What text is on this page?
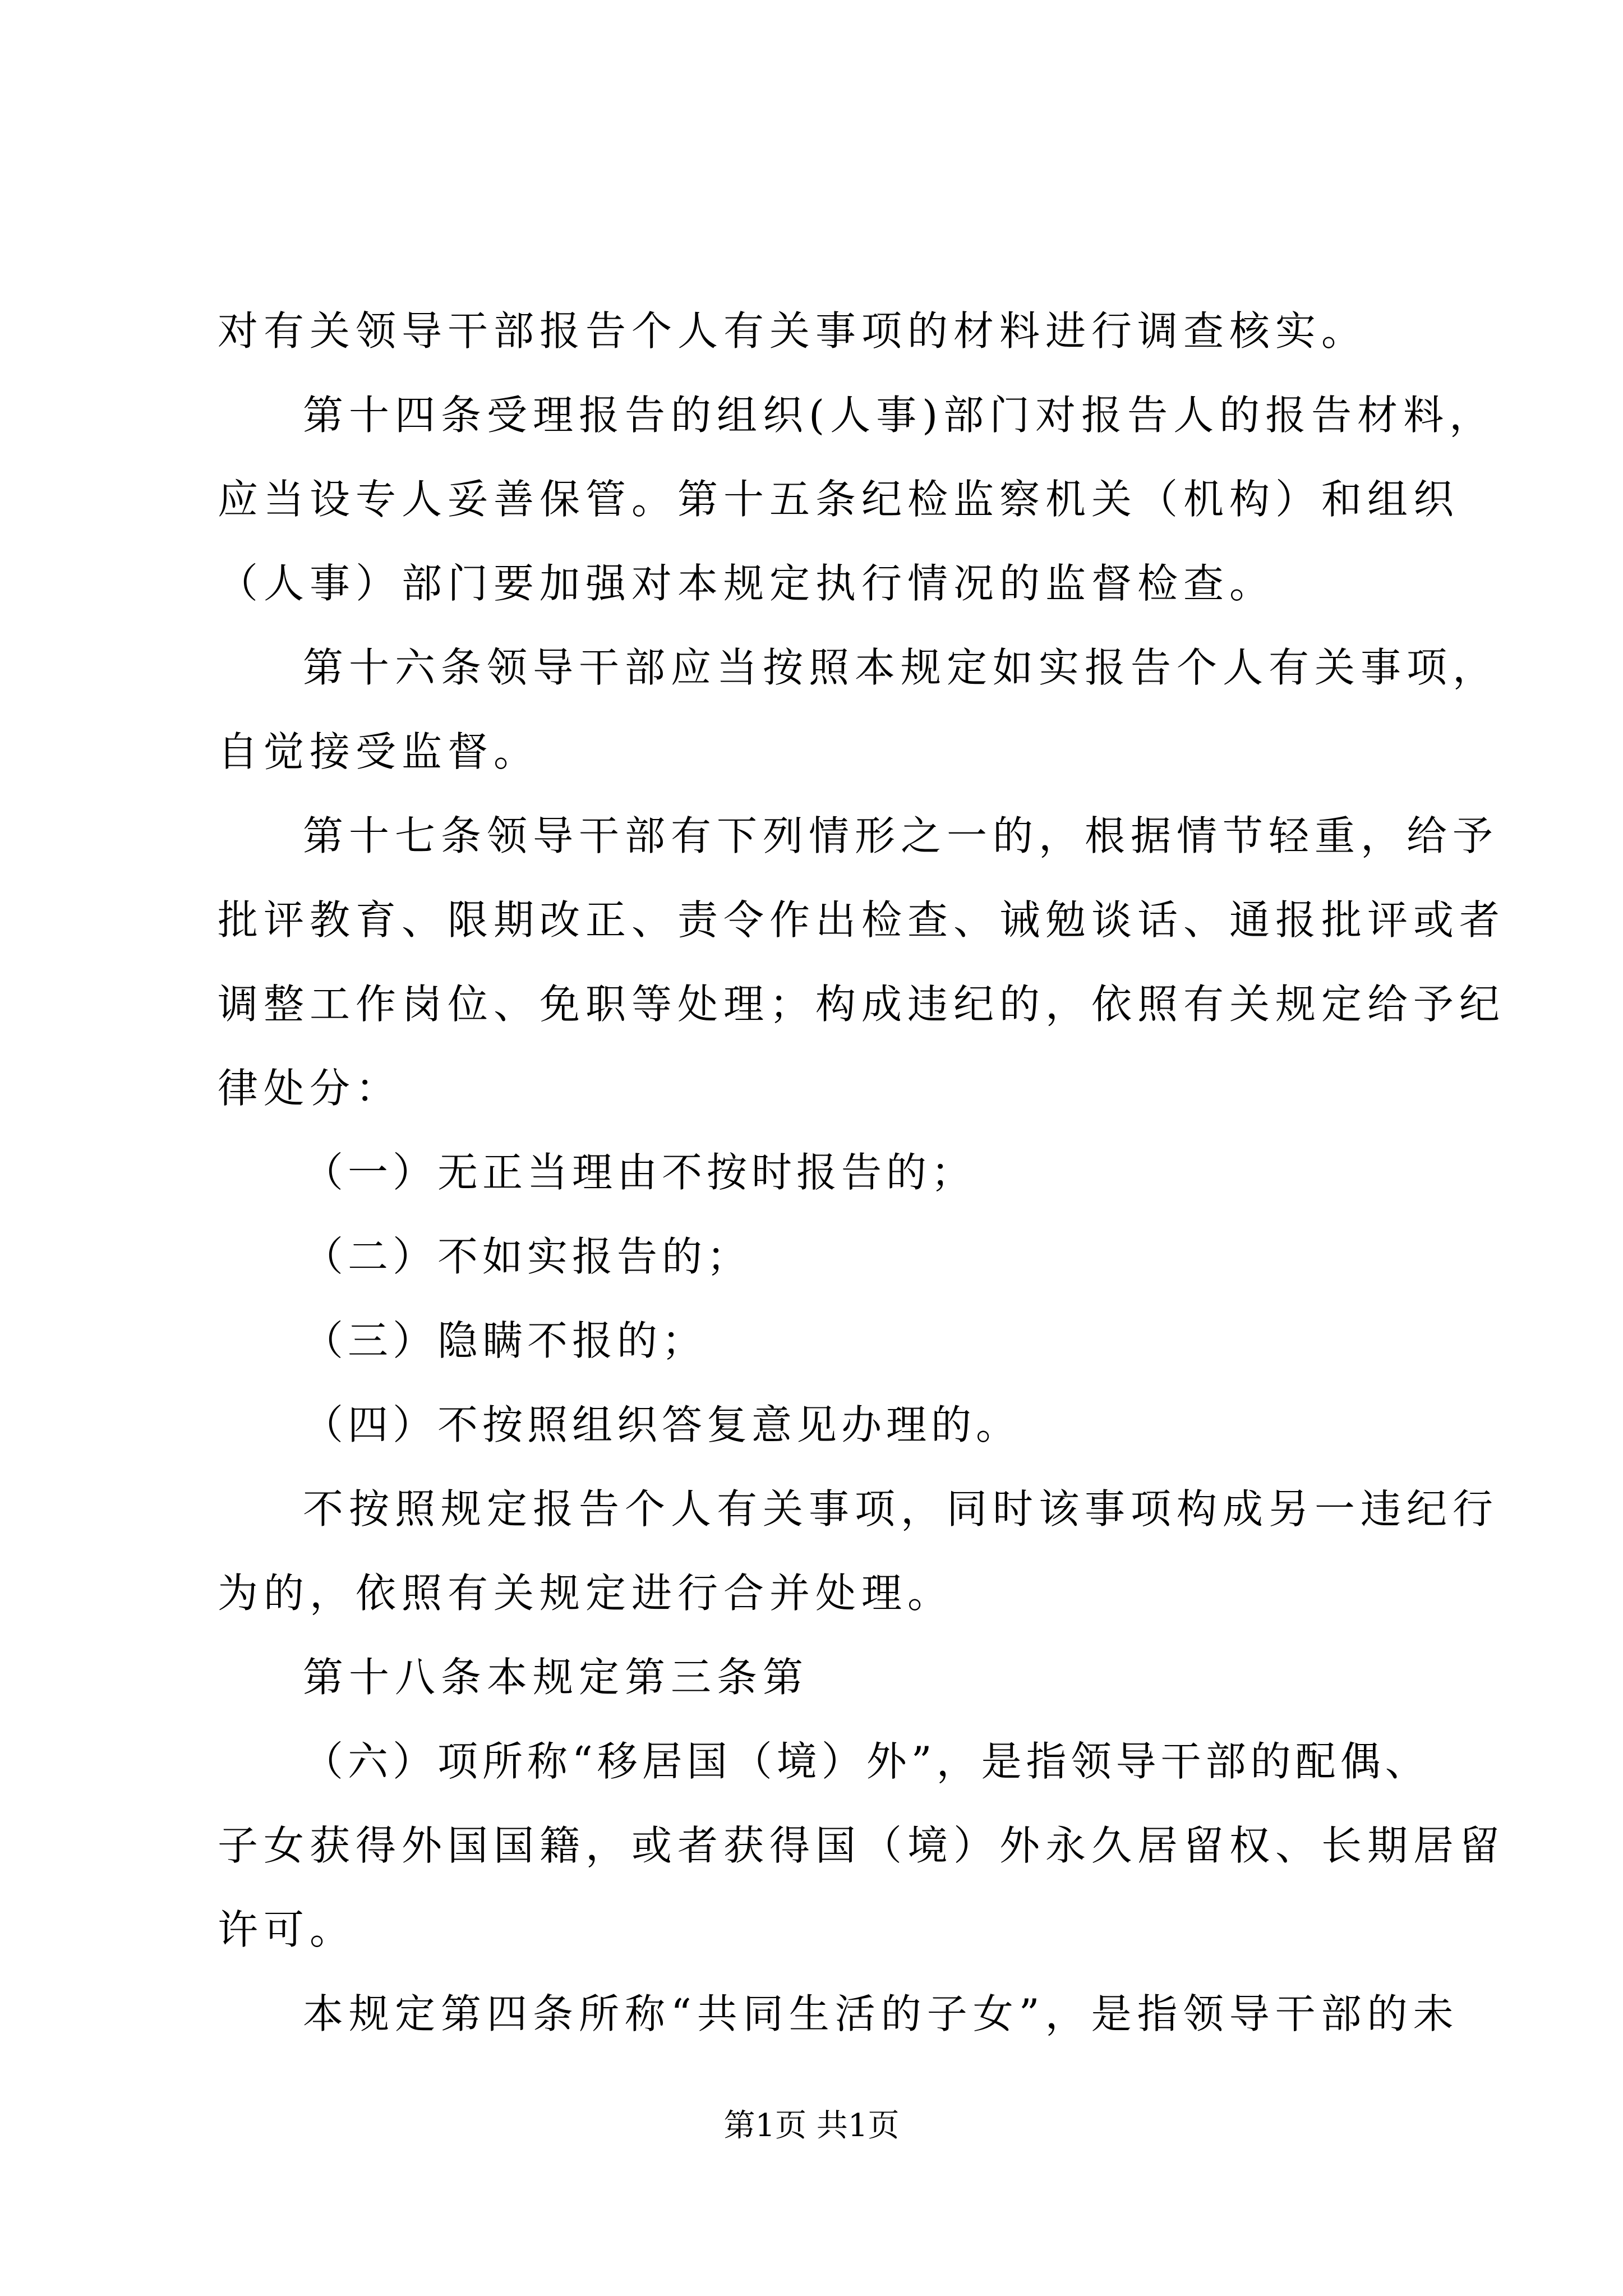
对有关领导干部报告个人有关事项的材料进行调查核实。
第十四条受理报告的组织(人事)部门对报告人的报告材料，
应当设专人妥善保管。第十五条纪检监察机关（机构）和组织
（人事）部门要加强对本规定执行情况的监督检查。
第十六条领导干部应当按照本规定如实报告个人有关事项，
自觉接受监督。
第十七条领导干部有下列情形之一的，根据情节轻重，给予
批评教育、限期改正、责令作出检查、诫勉谈话、通报批评或者
调整工作岗位、免职等处理；构成违纪的，依照有关规定给予纪
律处分：
（一）无正当理由不按时报告的；
（二）不如实报告的；
（三）隐瞒不报的；
（四）不按照组织答复意见办理的。
不按照规定报告个人有关事项，同时该事项构成另一违纪行
为的，依照有关规定进行合并处理。
第十八条本规定第三条第
（六）项所称“移居国（境）外”，是指领导干部的配偶、
子女获得外国国籍，或者获得国（境）外永久居留权、长期居留
许可。
本规定第四条所称“共同生活的子女”，是指领导干部的未
第1页 共1页
